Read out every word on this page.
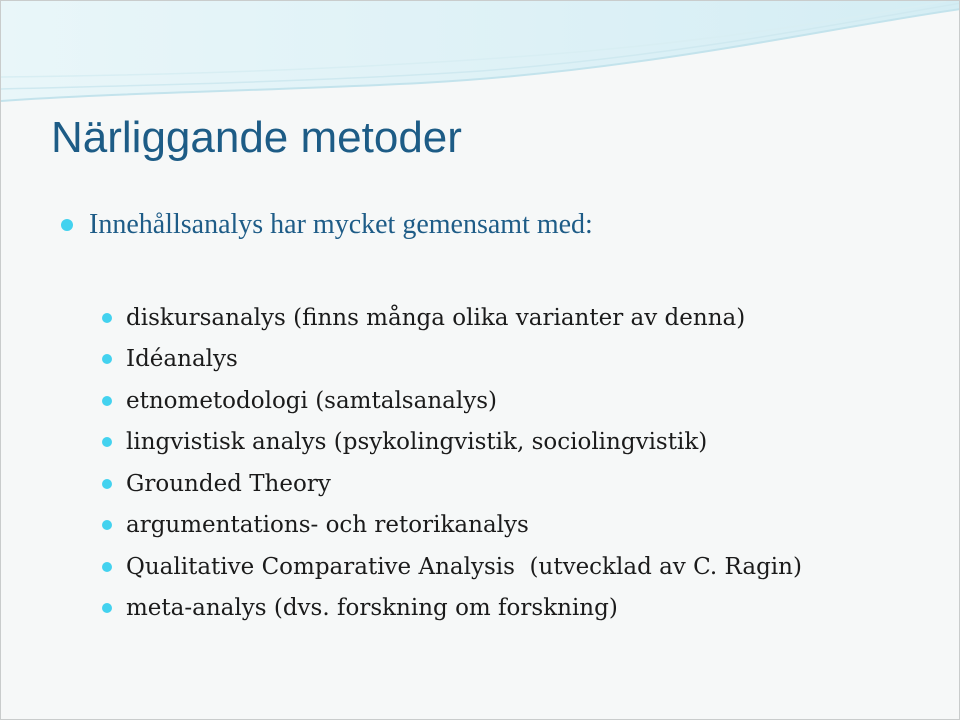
Närliggande metoder
Innehållsanalys har mycket gemensamt med:
diskursanalys (finns många olika varianter av denna)
Idéanalys
etnometodologi (samtalsanalys)
lingvistisk analys (psykolingvistik, sociolingvistik)
Grounded Theory
argumentations- och retorikanalys
Qualitative Comparative Analysis  (utvecklad av C. Ragin)
meta-analys (dvs. forskning om forskning)
